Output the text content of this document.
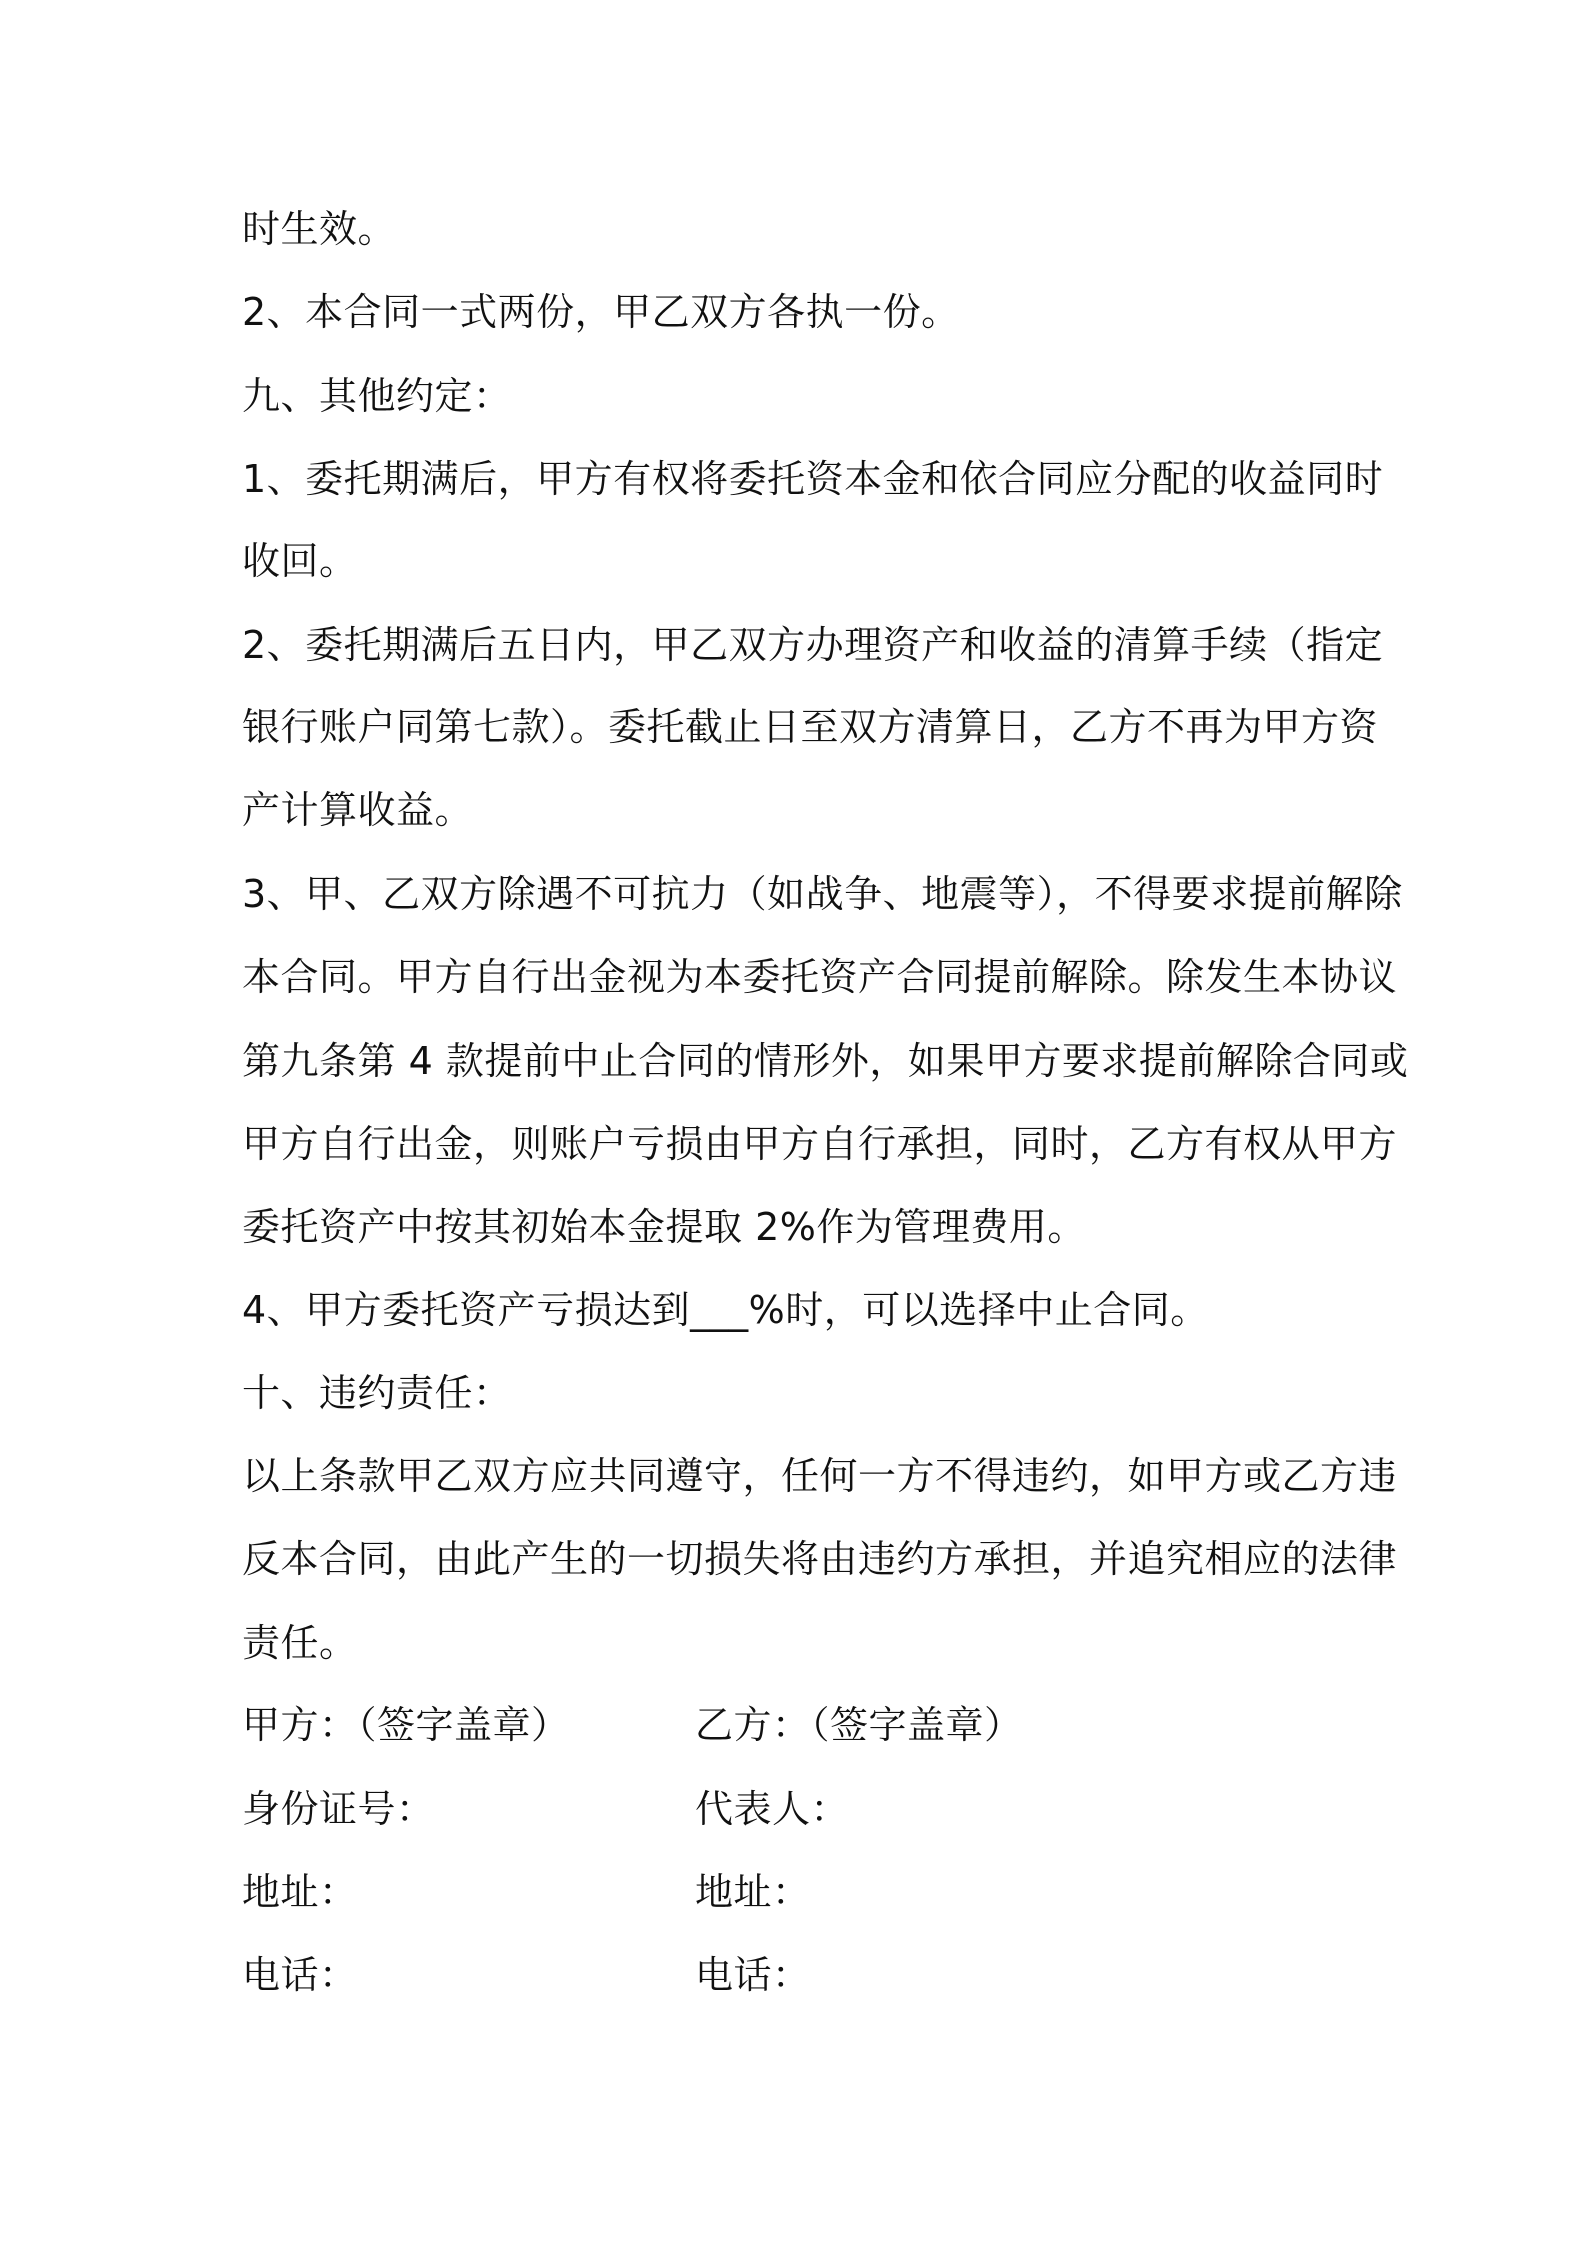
时生效。
2、本合同一式两份，甲乙双方各执一份。
九、其他约定：
1、委托期满后，甲方有权将委托资本金和依合同应分配的收益同时
收回。
2、委托期满后五日内，甲乙双方办理资产和收益的清算手续（指定
银行账户同第七款）。委托截止日至双方清算日，乙方不再为甲方资
产计算收益。
3、甲、乙双方除遇不可抗力（如战争、地震等），不得要求提前解除
本合同。甲方自行出金视为本委托资产合同提前解除。除发生本协议
第九条第 4 款提前中止合同的情形外，如果甲方要求提前解除合同或
甲方自行出金，则账户亏损由甲方自行承担，同时，乙方有权从甲方
委托资产中按其初始本金提取 2%作为管理费用。
4、甲方委托资产亏损达到___%时，可以选择中止合同。
十、违约责任：
以上条款甲乙双方应共同遵守，任何一方不得违约，如甲方或乙方违
反本合同，由此产生的一切损失将由违约方承担，并追究相应的法律
责任。
甲方：（签字盖章）	乙方：（签字盖章）
身份证号：	代表人：
地址：	地址：
电话：	电话：
